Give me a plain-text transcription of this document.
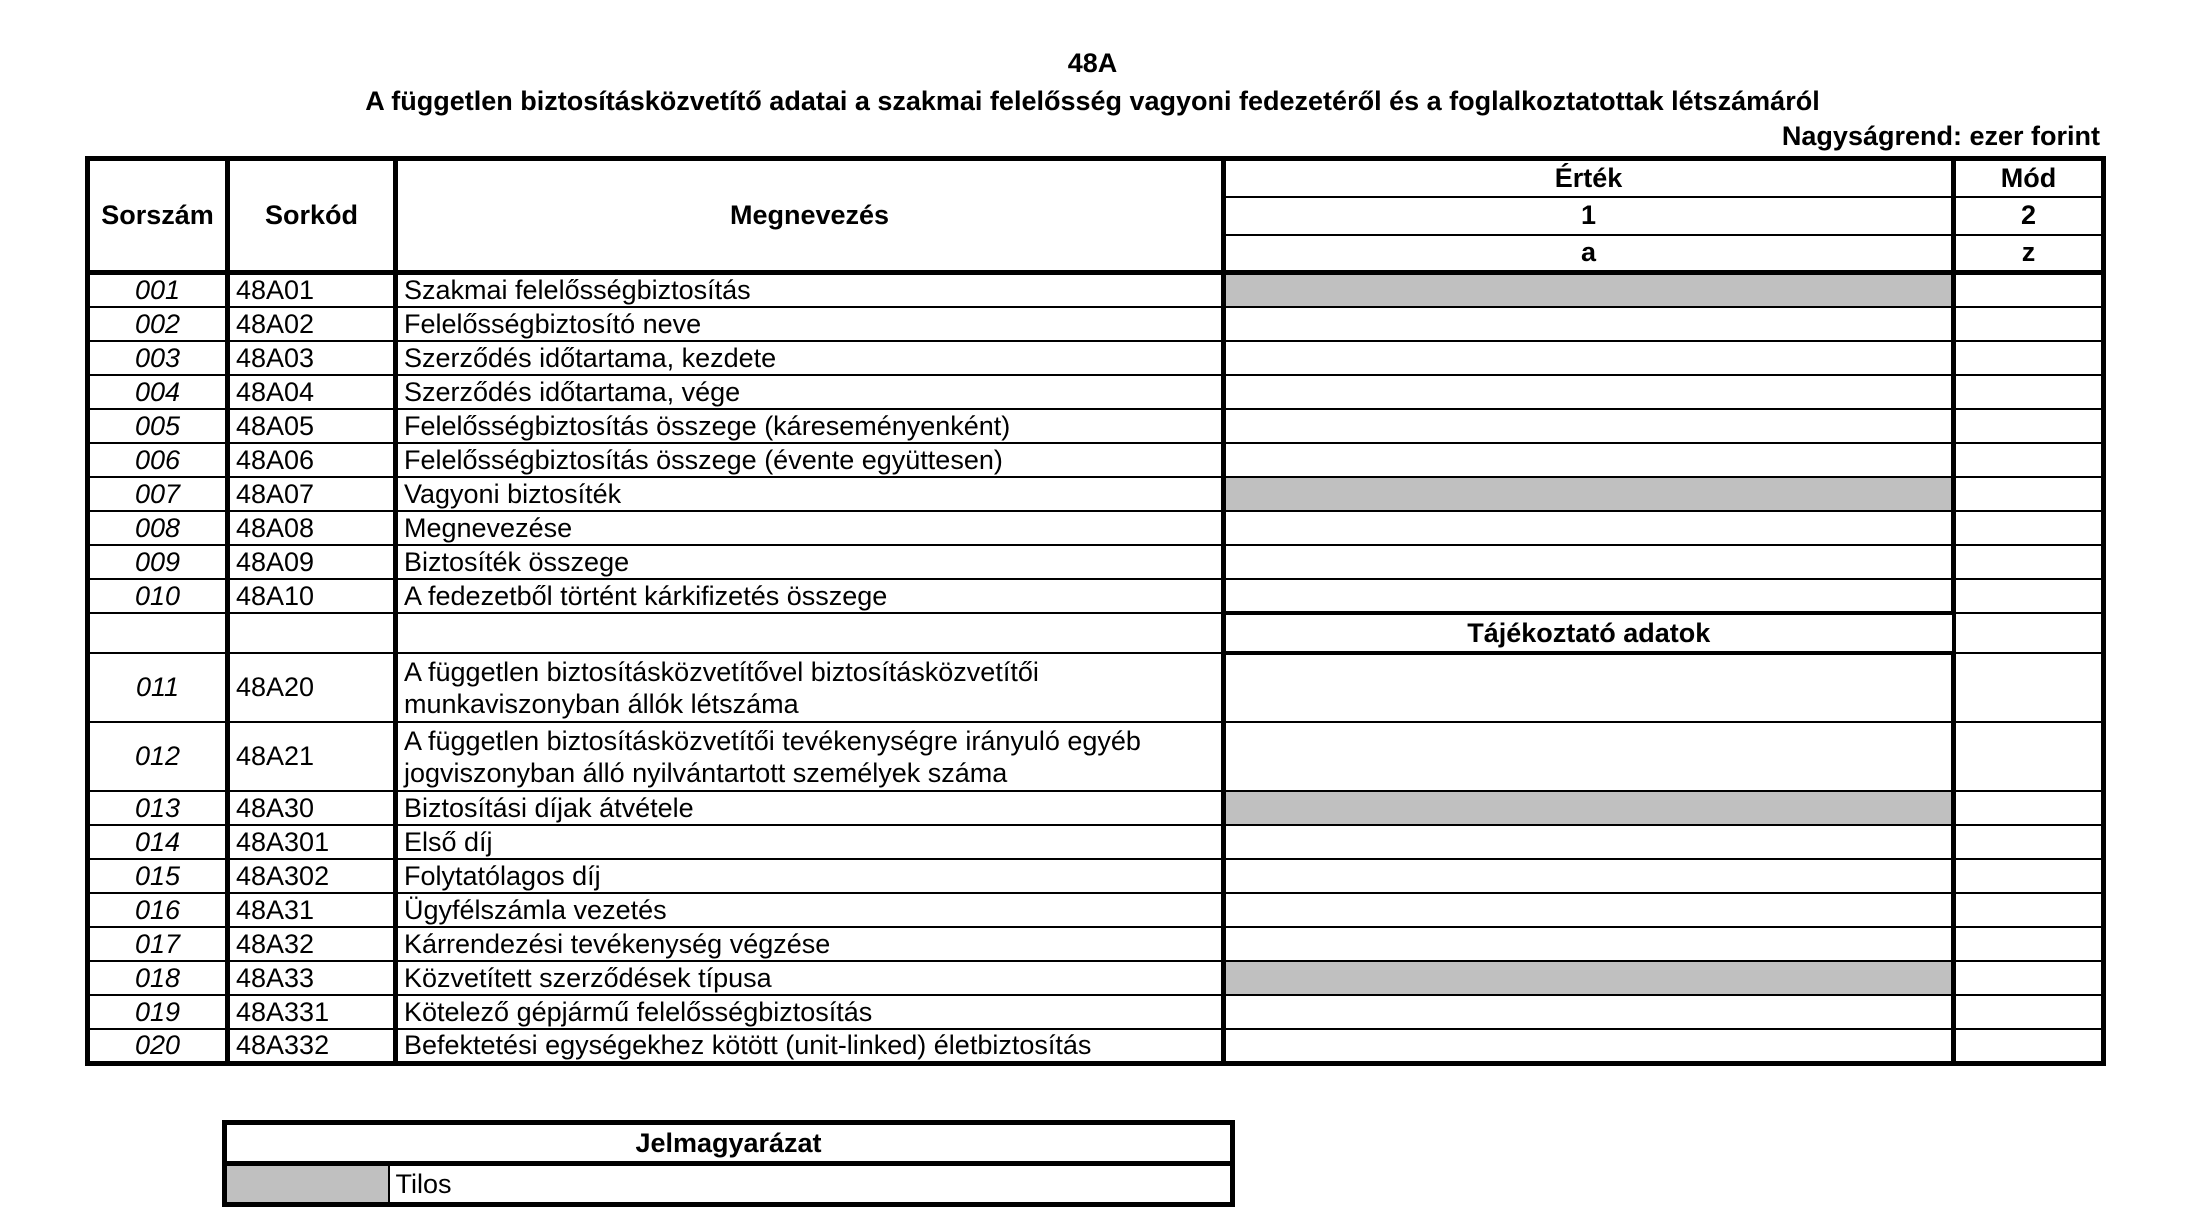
48A
A független biztosításközvetítő adatai a szakmai felelősség vagyoni fedezetéről és a foglalkoztatottak létszámáról
Nagyságrend: ezer forint
Sorszám	Sorkód	Megnevezés	Érték	Mód
			1	2
			a	z
001	48A01	Szakmai felelősségbiztosítás		
002	48A02	Felelősségbiztosító neve		
003	48A03	Szerződés időtartama, kezdete		
004	48A04	Szerződés időtartama, vége		
005	48A05	Felelősségbiztosítás összege (káreseményenként)		
006	48A06	Felelősségbiztosítás összege (évente együttesen)		
007	48A07	Vagyoni biztosíték		
008	48A08	Megnevezése		
009	48A09	Biztosíték összege		
010	48A10	A fedezetből történt kárkifizetés összege		
			Tájékoztató adatok	
011	48A20	A független biztosításközvetítővel biztosításközvetítői munkaviszonyban állók létszáma		
012	48A21	A független biztosításközvetítői tevékenységre irányuló egyéb jogviszonyban álló nyilvántartott személyek száma		
013	48A30	Biztosítási díjak átvétele		
014	48A301	Első díj		
015	48A302	Folytatólagos díj		
016	48A31	Ügyfélszámla vezetés		
017	48A32	Kárrendezési tevékenység végzése		
018	48A33	Közvetített szerződések típusa		
019	48A331	Kötelező gépjármű felelősségbiztosítás		
020	48A332	Befektetési egységekhez kötött (unit-linked) életbiztosítás		
Jelmagyarázat
	Tilos
